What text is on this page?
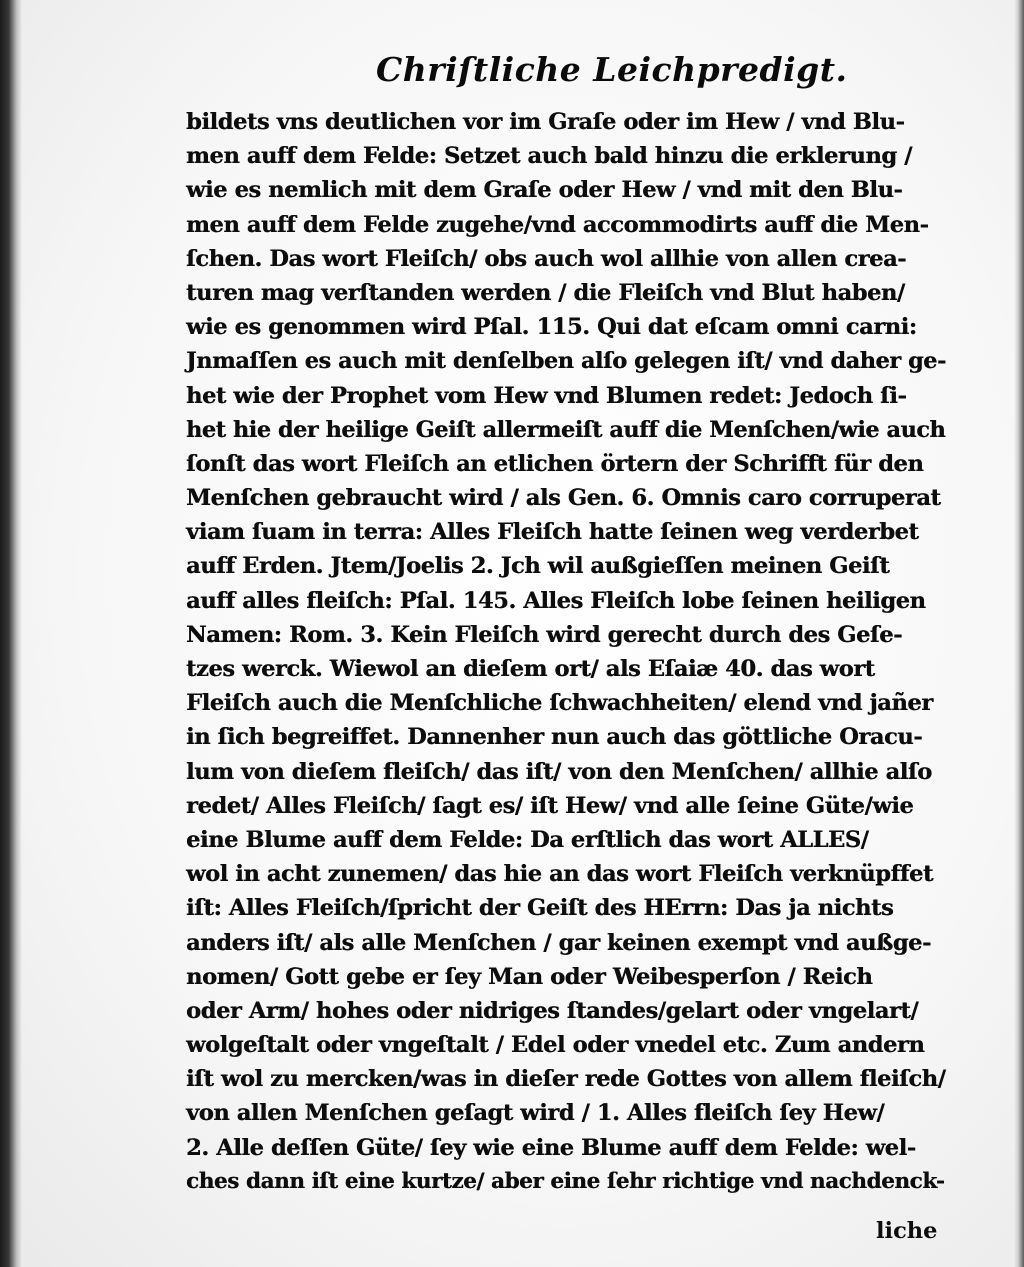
Chriſtliche Leichpredigt.
bildets vns deutlichen vor im Graſe oder im Hew / vnd Blu-
men auff dem Felde: Setzet auch bald hinzu die erklerung /
wie es nemlich mit dem Graſe oder Hew / vnd mit den Blu-
men auff dem Felde zugehe/vnd accommodirts auff die Men-
ſchen. Das wort Fleiſch/ obs auch wol allhie von allen crea-
turen mag verſtanden werden / die Fleiſch vnd Blut haben/
wie es genommen wird Pſal. 115. Qui dat eſcam omni carni:
Jnmaſſen es auch mit denſelben alſo gelegen iſt/ vnd daher ge-
het wie der Prophet vom Hew vnd Blumen redet: Jedoch ſi-
het hie der heilige Geiſt allermeiſt auff die Menſchen/wie auch
ſonſt das wort Fleiſch an etlichen örtern der Schrifft für den
Menſchen gebraucht wird / als Gen. 6. Omnis caro corruperat
viam ſuam in terra: Alles Fleiſch hatte ſeinen weg verderbet
auff Erden. Jtem/Joelis 2. Jch wil außgieſſen meinen Geiſt
auff alles fleiſch: Pſal. 145. Alles Fleiſch lobe ſeinen heiligen
Namen: Rom. 3. Kein Fleiſch wird gerecht durch des Geſe-
tzes werck. Wiewol an dieſem ort/ als Eſaiæ 40. das wort
Fleiſch auch die Menſchliche ſchwachheiten/ elend vnd jañer
in ſich begreiffet. Dannenher nun auch das göttliche Oracu-
lum von dieſem fleiſch/ das iſt/ von den Menſchen/ allhie alſo
redet/ Alles Fleiſch/ ſagt es/ iſt Hew/ vnd alle ſeine Güte/wie
eine Blume auff dem Felde: Da erſtlich das wort ALLES/
wol in acht zunemen/ das hie an das wort Fleiſch verknüpffet
iſt: Alles Fleiſch/ſpricht der Geiſt des HErrn: Das ja nichts
anders iſt/ als alle Menſchen / gar keinen exempt vnd außge-
nomen/ Gott gebe er ſey Man oder Weibesperſon / Reich
oder Arm/ hohes oder nidriges ſtandes/gelart oder vngelart/
wolgeſtalt oder vngeſtalt / Edel oder vnedel etc. Zum andern
iſt wol zu mercken/was in dieſer rede Gottes von allem fleiſch/
von allen Menſchen geſagt wird / 1. Alles fleiſch ſey Hew/
2. Alle deſſen Güte/ ſey wie eine Blume auff dem Felde: wel-
ches dann iſt eine kurtze/ aber eine ſehr richtige vnd nachdenck-
liche
